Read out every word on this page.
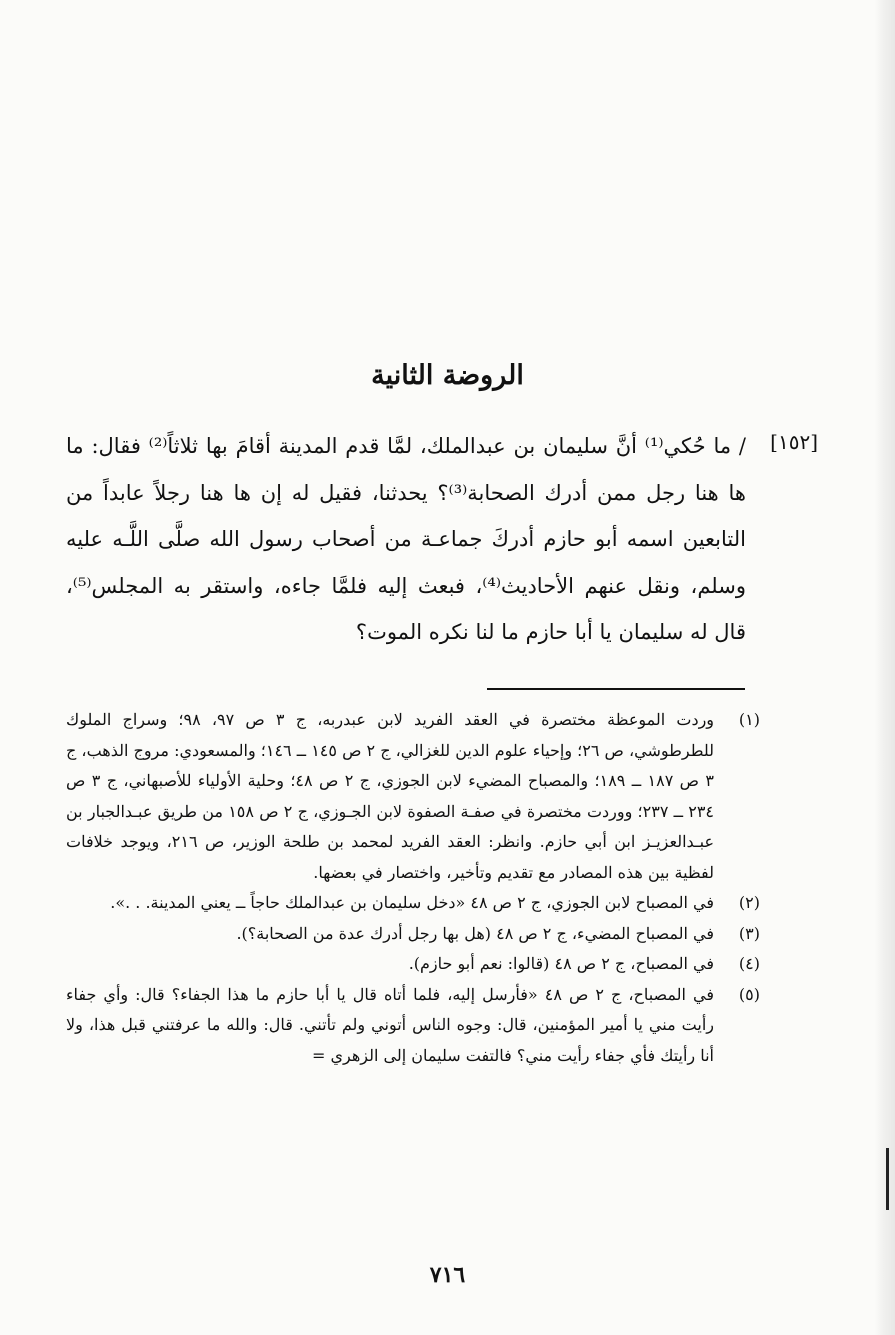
الروضة الثانية
[١٥٢]

/ ما حُكي⁽¹⁾ أنَّ سليمان بن عبدالملك، لمَّا قدم المدينة أقامَ بها ثلاثاً⁽²⁾ فقال: ما ها هنا رجل ممن أدرك الصحابة⁽³⁾؟ يحدثنا، فقيل له إن ها هنا رجلاً عابداً من التابعين اسمه أبو حازم أدركَ جماعـة من أصحاب رسول الله صلَّى اللَّـه عليه وسلم، ونقل عنهم الأحاديث⁽⁴⁾، فبعث إليه فلمَّا جاءه، واستقر به المجلس⁽⁵⁾، قال له سليمان يا أبا حازم ما لنا نكره الموت؟

(١)
وردت الموعظة مختصرة في العقد الفريد لابن عبدربه، ج ٣ ص ٩٧، ٩٨؛ وسراج الملوك للطرطوشي، ص ٢٦؛ وإحياء علوم الدين للغزالي، ج ٢ ص ١٤٥ ــ ١٤٦؛ والمسعودي: مروج الذهب، ج ٣ ص ١٨٧ ــ ١٨٩؛ والمصباح المضيء لابن الجوزي، ج ٢ ص ٤٨؛ وحلية الأولياء للأصبهاني، ج ٣ ص ٢٣٤ ــ ٢٣٧؛ ووردت مختصرة في صفـة الصفوة لابن الجـوزي، ج ٢ ص ١٥٨ من طريق عبـدالجبار بن عبـدالعزيـز ابن أبي حازم. وانظر: العقد الفريد لمحمد بن طلحة الوزير، ص ٢١٦، ويوجد خلافات لفظية بين هذه المصادر مع تقديم وتأخير، واختصار في بعضها.
(٢)
في المصباح لابن الجوزي، ج ٢ ص ٤٨ «دخل سليمان بن عبدالملك حاجاً ــ يعني المدينة. . .».
(٣)
في المصباح المضيء، ج ٢ ص ٤٨ (هل بها رجل أدرك عدة من الصحابة؟).
(٤)
في المصباح، ج ٢ ص ٤٨ (قالوا: نعم أبو حازم).
(٥)
في المصباح، ج ٢ ص ٤٨ «فأرسل إليه، فلما أتاه قال يا أبا حازم ما هذا الجفاء؟ قال: وأي جفاء رأيت مني يا أمير المؤمنين، قال: وجوه الناس أتوني ولم تأتني. قال: والله ما عرفتني قبل هذا، ولا أنا رأيتك فأي جفاء رأيت مني؟ فالتفت سليمان إلى الزهري =
٧١٦
